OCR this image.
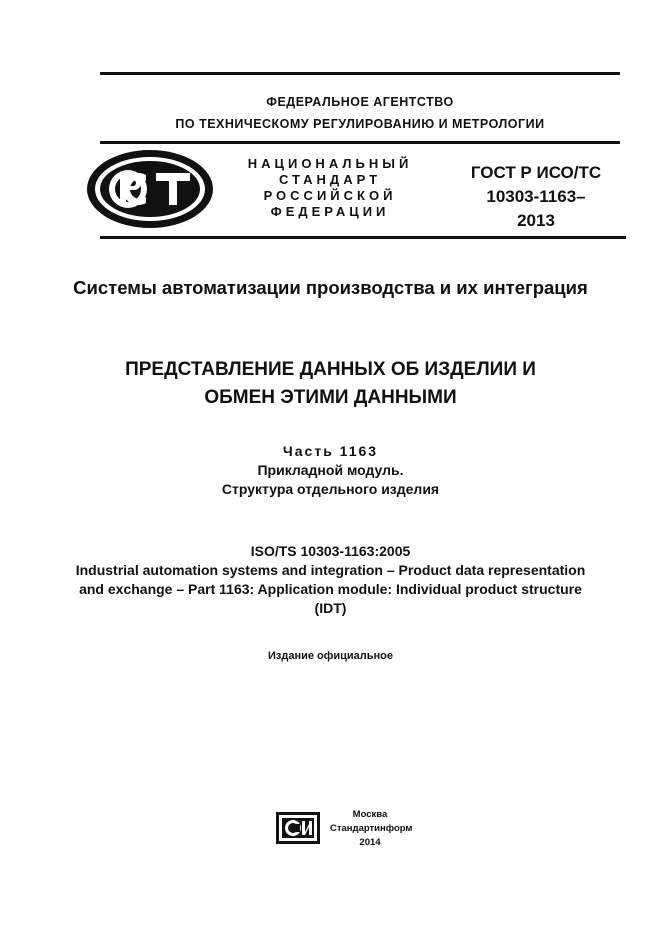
ФЕДЕРАЛЬНОЕ АГЕНТСТВО
ПО ТЕХНИЧЕСКОМУ РЕГУЛИРОВАНИЮ И МЕТРОЛОГИИ
НАЦИОНАЛЬНЫЙ
СТАНДАРТ
РОССИЙСКОЙ
ФЕДЕРАЦИИ
ГОСТ Р ИСО/ТС
10303-1163–
2013
Системы автоматизации производства и их интеграция
ПРЕДСТАВЛЕНИЕ ДАННЫХ ОБ ИЗДЕЛИИ И
ОБМЕН ЭТИМИ ДАННЫМИ
Часть 1163
Прикладной модуль.
Структура отдельного изделия
ISO/TS 10303-1163:2005
Industrial automation systems and integration – Product data representation
and exchange – Part 1163: Application module: Individual product structure
(IDT)
Издание официальное
Москва
Стандартинформ
2014
